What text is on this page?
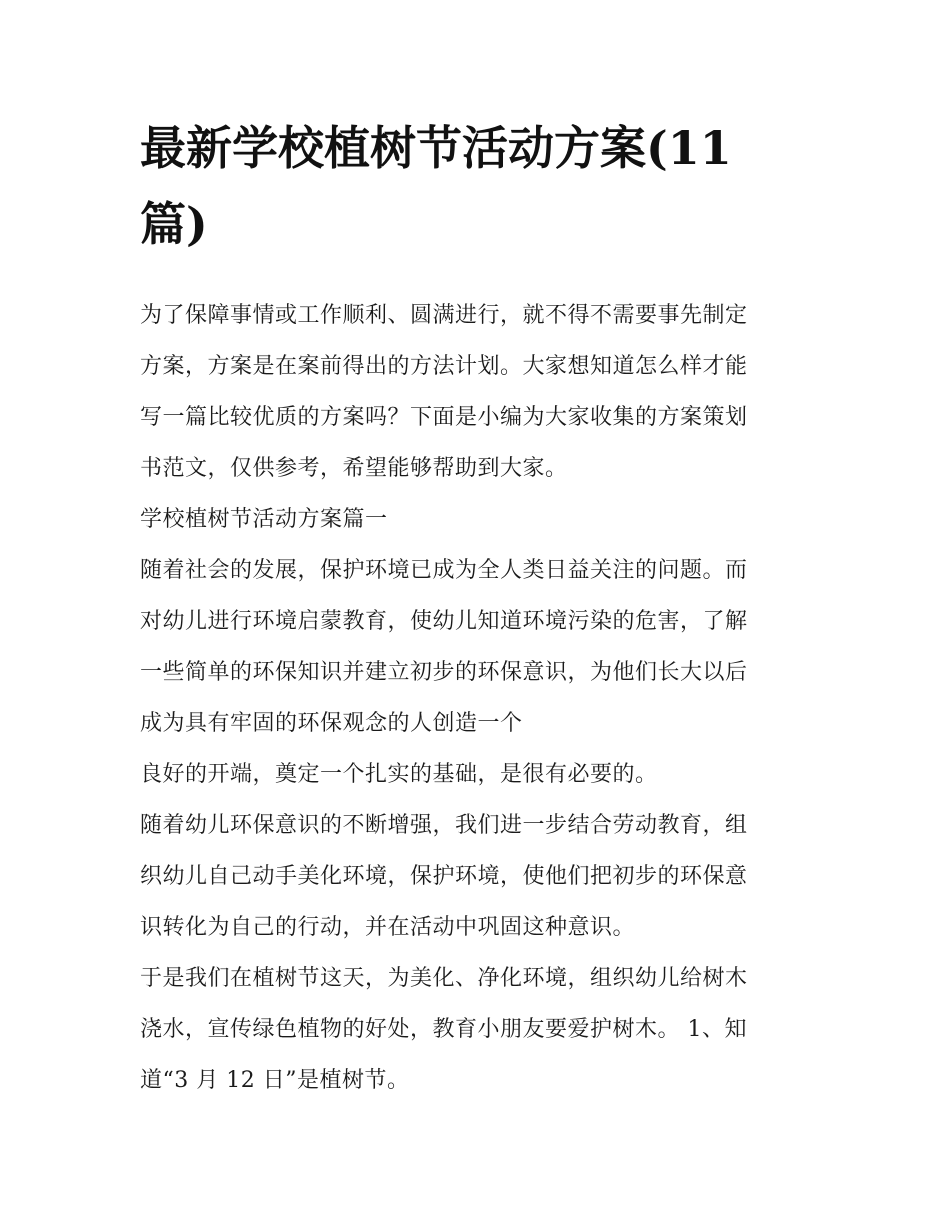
最新学校植树节活动方案(11
篇)

为了保障事情或工作顺利、圆满进行，就不得不需要事先制定
方案，方案是在案前得出的方法计划。大家想知道怎么样才能
写一篇比较优质的方案吗？下面是小编为大家收集的方案策划
书范文，仅供参考，希望能够帮助到大家。

学校植树节活动方案篇一

随着社会的发展，保护环境已成为全人类日益关注的问题。而
对幼儿进行环境启蒙教育，使幼儿知道环境污染的危害，了解
一些简单的环保知识并建立初步的环保意识，为他们长大以后
成为具有牢固的环保观念的人创造一个

良好的开端，奠定一个扎实的基础，是很有必要的。

随着幼儿环保意识的不断增强，我们进一步结合劳动教育，组
织幼儿自己动手美化环境，保护环境，使他们把初步的环保意
识转化为自己的行动，并在活动中巩固这种意识。

于是我们在植树节这天，为美化、净化环境，组织幼儿给树木
浇水，宣传绿色植物的好处，教育小朋友要爱护树木。 1、知
道“3 月 12 日”是植树节。
